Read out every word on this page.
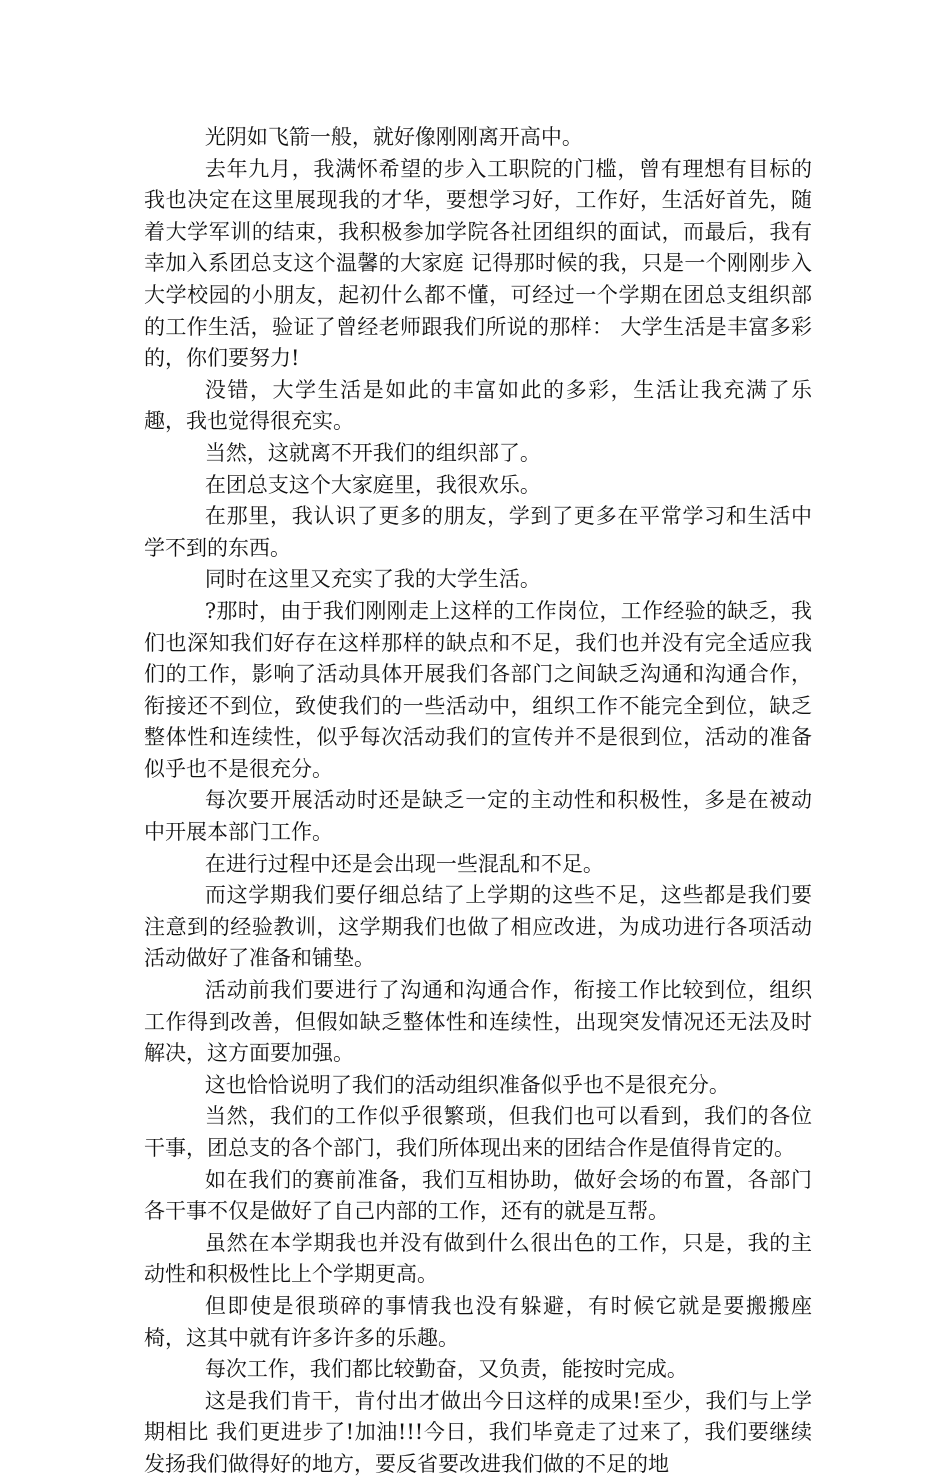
光阴如飞箭一般，就好像刚刚离开高中。

去年九月，我满怀希望的步入工职院的门槛，曾有理想有目标的我也决定在这里展现我的才华，要想学习好，工作好，生活好首先，随着大学军训的结束，我积极参加学院各社团组织的面试，而最后，我有幸加入系团总支这个温馨的大家庭 记得那时候的我，只是一个刚刚步入大学校园的小朋友，起初什么都不懂，可经过一个学期在团总支组织部的工作生活，验证了曾经老师跟我们所说的那样： 大学生活是丰富多彩的，你们要努力!

没错，大学生活是如此的丰富如此的多彩，生活让我充满了乐趣，我也觉得很充实。

当然，这就离不开我们的组织部了。

在团总支这个大家庭里，我很欢乐。

在那里，我认识了更多的朋友，学到了更多在平常学习和生活中学不到的东西。

同时在这里又充实了我的大学生活。

?那时，由于我们刚刚走上这样的工作岗位，工作经验的缺乏，我们也深知我们好存在这样那样的缺点和不足，我们也并没有完全适应我们的工作，影响了活动具体开展我们各部门之间缺乏沟通和沟通合作，衔接还不到位，致使我们的一些活动中，组织工作不能完全到位，缺乏整体性和连续性，似乎每次活动我们的宣传并不是很到位，活动的准备似乎也不是很充分。

每次要开展活动时还是缺乏一定的主动性和积极性，多是在被动中开展本部门工作。

在进行过程中还是会出现一些混乱和不足。

而这学期我们要仔细总结了上学期的这些不足，这些都是我们要注意到的经验教训，这学期我们也做了相应改进，为成功进行各项活动活动做好了准备和铺垫。

活动前我们要进行了沟通和沟通合作，衔接工作比较到位，组织工作得到改善，但假如缺乏整体性和连续性，出现突发情况还无法及时解决，这方面要加强。

这也恰恰说明了我们的活动组织准备似乎也不是很充分。

当然，我们的工作似乎很繁琐，但我们也可以看到，我们的各位干事，团总支的各个部门，我们所体现出来的团结合作是值得肯定的。

如在我们的赛前准备，我们互相协助，做好会场的布置，各部门各干事不仅是做好了自己内部的工作，还有的就是互帮。

虽然在本学期我也并没有做到什么很出色的工作，只是，我的主动性和积极性比上个学期更高。

但即使是很琐碎的事情我也没有躲避，有时候它就是要搬搬座椅，这其中就有许多许多的乐趣。

每次工作，我们都比较勤奋，又负责，能按时完成。

这是我们肯干，肯付出才做出今日这样的成果!至少，我们与上学期相比 我们更进步了!加油!!!今日，我们毕竟走了过来了，我们要继续发扬我们做得好的地方，要反省要改进我们做的不足的地
